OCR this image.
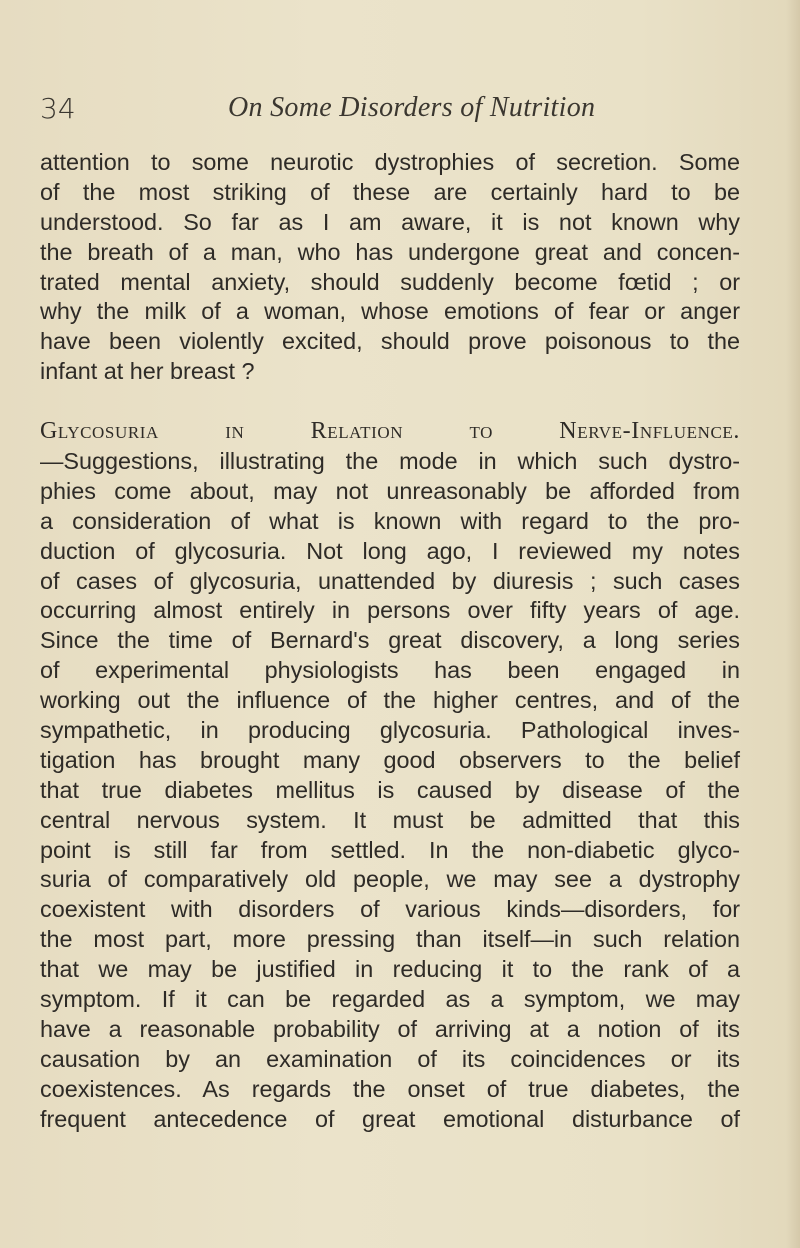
34	On Some Disorders of Nutrition
attention to some neurotic dystrophies of secretion. Some
of the most striking of these are certainly hard to be
understood. So far as I am aware, it is not known why
the breath of a man, who has undergone great and concen-
trated mental anxiety, should suddenly become fœtid ; or
why the milk of a woman, whose emotions of fear or anger
have been violently excited, should prove poisonous to the
infant at her breast ?
Glycosuria in Relation to Nerve-Influence.
—Suggestions, illustrating the mode in which such dystro-
phies come about, may not unreasonably be afforded from
a consideration of what is known with regard to the pro-
duction of glycosuria. Not long ago, I reviewed my notes
of cases of glycosuria, unattended by diuresis ; such cases
occurring almost entirely in persons over fifty years of age.
Since the time of Bernard's great discovery, a long series
of experimental physiologists has been engaged in
working out the influence of the higher centres, and of the
sympathetic, in producing glycosuria. Pathological inves-
tigation has brought many good observers to the belief
that true diabetes mellitus is caused by disease of the
central nervous system. It must be admitted that this
point is still far from settled. In the non-diabetic glyco-
suria of comparatively old people, we may see a dystrophy
coexistent with disorders of various kinds—disorders, for
the most part, more pressing than itself—in such relation
that we may be justified in reducing it to the rank of a
symptom. If it can be regarded as a symptom, we may
have a reasonable probability of arriving at a notion of its
causation by an examination of its coincidences or its
coexistences. As regards the onset of true diabetes, the
frequent antecedence of great emotional disturbance of
